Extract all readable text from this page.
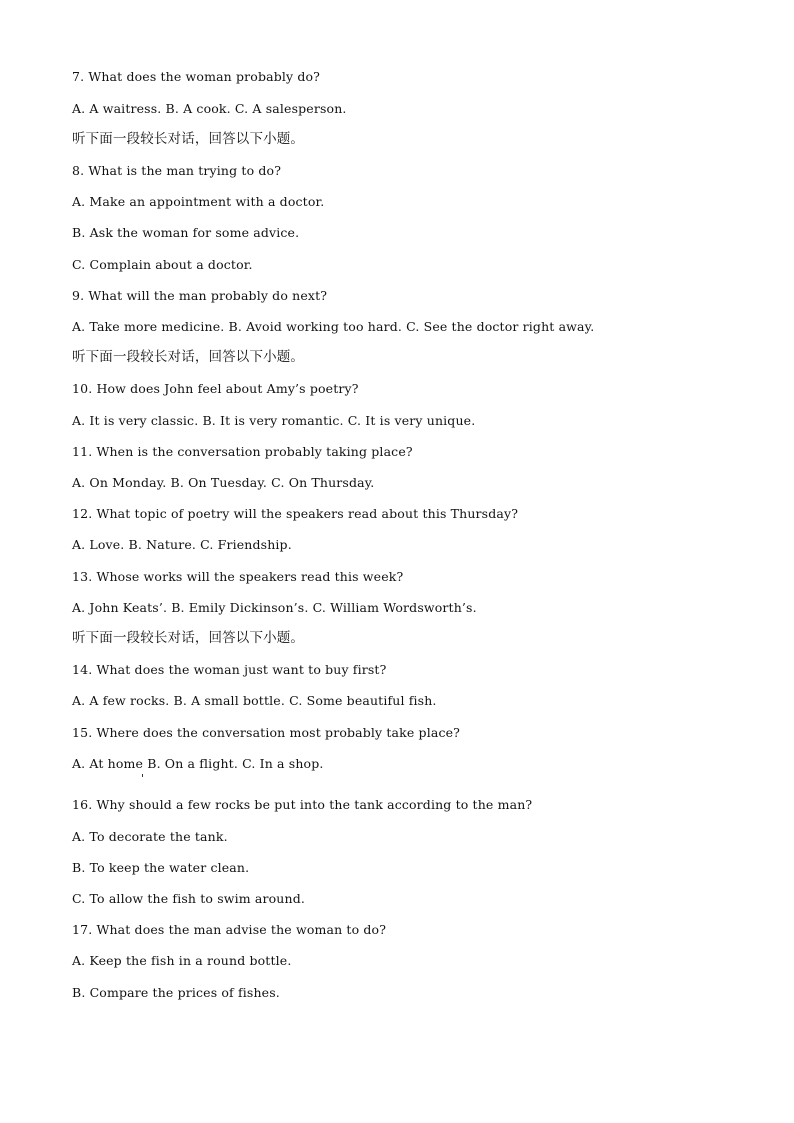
7. What does the woman probably do?
A. A waitress. B. A cook. C. A salesperson.
听下面一段较长对话，回答以下小题。
8. What is the man trying to do?
A. Make an appointment with a doctor.
B. Ask the woman for some advice.
C. Complain about a doctor.
9. What will the man probably do next?
A. Take more medicine. B. Avoid working too hard. C. See the doctor right away.
听下面一段较长对话，回答以下小题。
10. How does John feel about Amy’s poetry?
A. It is very classic. B. It is very romantic. C. It is very unique.
11. When is the conversation probably taking place?
A. On Monday. B. On Tuesday. C. On Thursday.
12. What topic of poetry will the speakers read about this Thursday?
A. Love. B. Nature. C. Friendship.
13. Whose works will the speakers read this week?
A. John Keats’. B. Emily Dickinson’s. C. William Wordsworth’s.
听下面一段较长对话，回答以下小题。
14. What does the woman just want to buy first?
A. A few rocks. B. A small bottle. C. Some beautiful fish.
15. Where does the conversation most probably take place?
A. At home B. On a flight. C. In a shop.
16. Why should a few rocks be put into the tank according to the man?
A. To decorate the tank.
B. To keep the water clean.
C. To allow the fish to swim around.
17. What does the man advise the woman to do?
A. Keep the fish in a round bottle.
B. Compare the prices of fishes.
